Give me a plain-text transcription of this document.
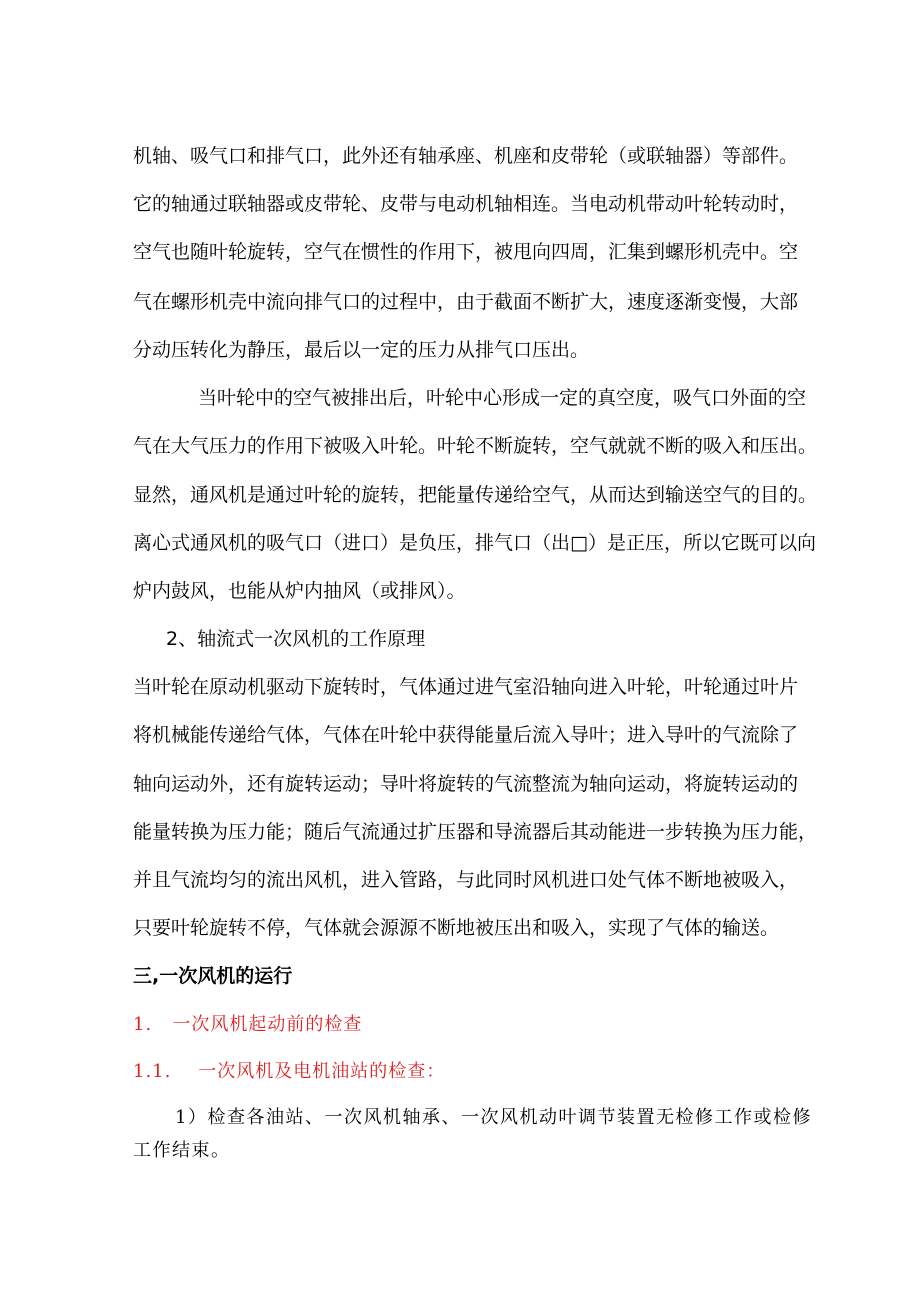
机轴、吸气口和排气口，此外还有轴承座、机座和皮带轮（或联轴器）等部件。
它的轴通过联轴器或皮带轮、皮带与电动机轴相连。当电动机带动叶轮转动时，
空气也随叶轮旋转，空气在惯性的作用下，被甩向四周，汇集到螺形机壳中。空
气在螺形机壳中流向排气口的过程中，由于截面不断扩大，速度逐渐变慢，大部
分动压转化为静压，最后以一定的压力从排气口压出。
当叶轮中的空气被排出后，叶轮中心形成一定的真空度，吸气口外面的空
气在大气压力的作用下被吸入叶轮。叶轮不断旋转，空气就就不断的吸入和压出。
显然，通风机是通过叶轮的旋转，把能量传递给空气，从而达到输送空气的目的。
离心式通风机的吸气口（进口）是负压，排气口（出□）是正压，所以它既可以向
炉内鼓风，也能从炉内抽风（或排风）。
2、轴流式一次风机的工作原理
当叶轮在原动机驱动下旋转时，气体通过进气室沿轴向进入叶轮，叶轮通过叶片
将机械能传递给气体，气体在叶轮中获得能量后流入导叶；进入导叶的气流除了
轴向运动外，还有旋转运动；导叶将旋转的气流整流为轴向运动，将旋转运动的
能量转换为压力能；随后气流通过扩压器和导流器后其动能进一步转换为压力能，
并且气流均匀的流出风机，进入管路，与此同时风机进口处气体不断地被吸入，
只要叶轮旋转不停，气体就会源源不断地被压出和吸入，实现了气体的输送。
三,一次风机的运行
1.   一次风机起动前的检查
1.1.    一次风机及电机油站的检查：
1）检查各油站、一次风机轴承、一次风机动叶调节装置无检修工作或检修
工作结束。
